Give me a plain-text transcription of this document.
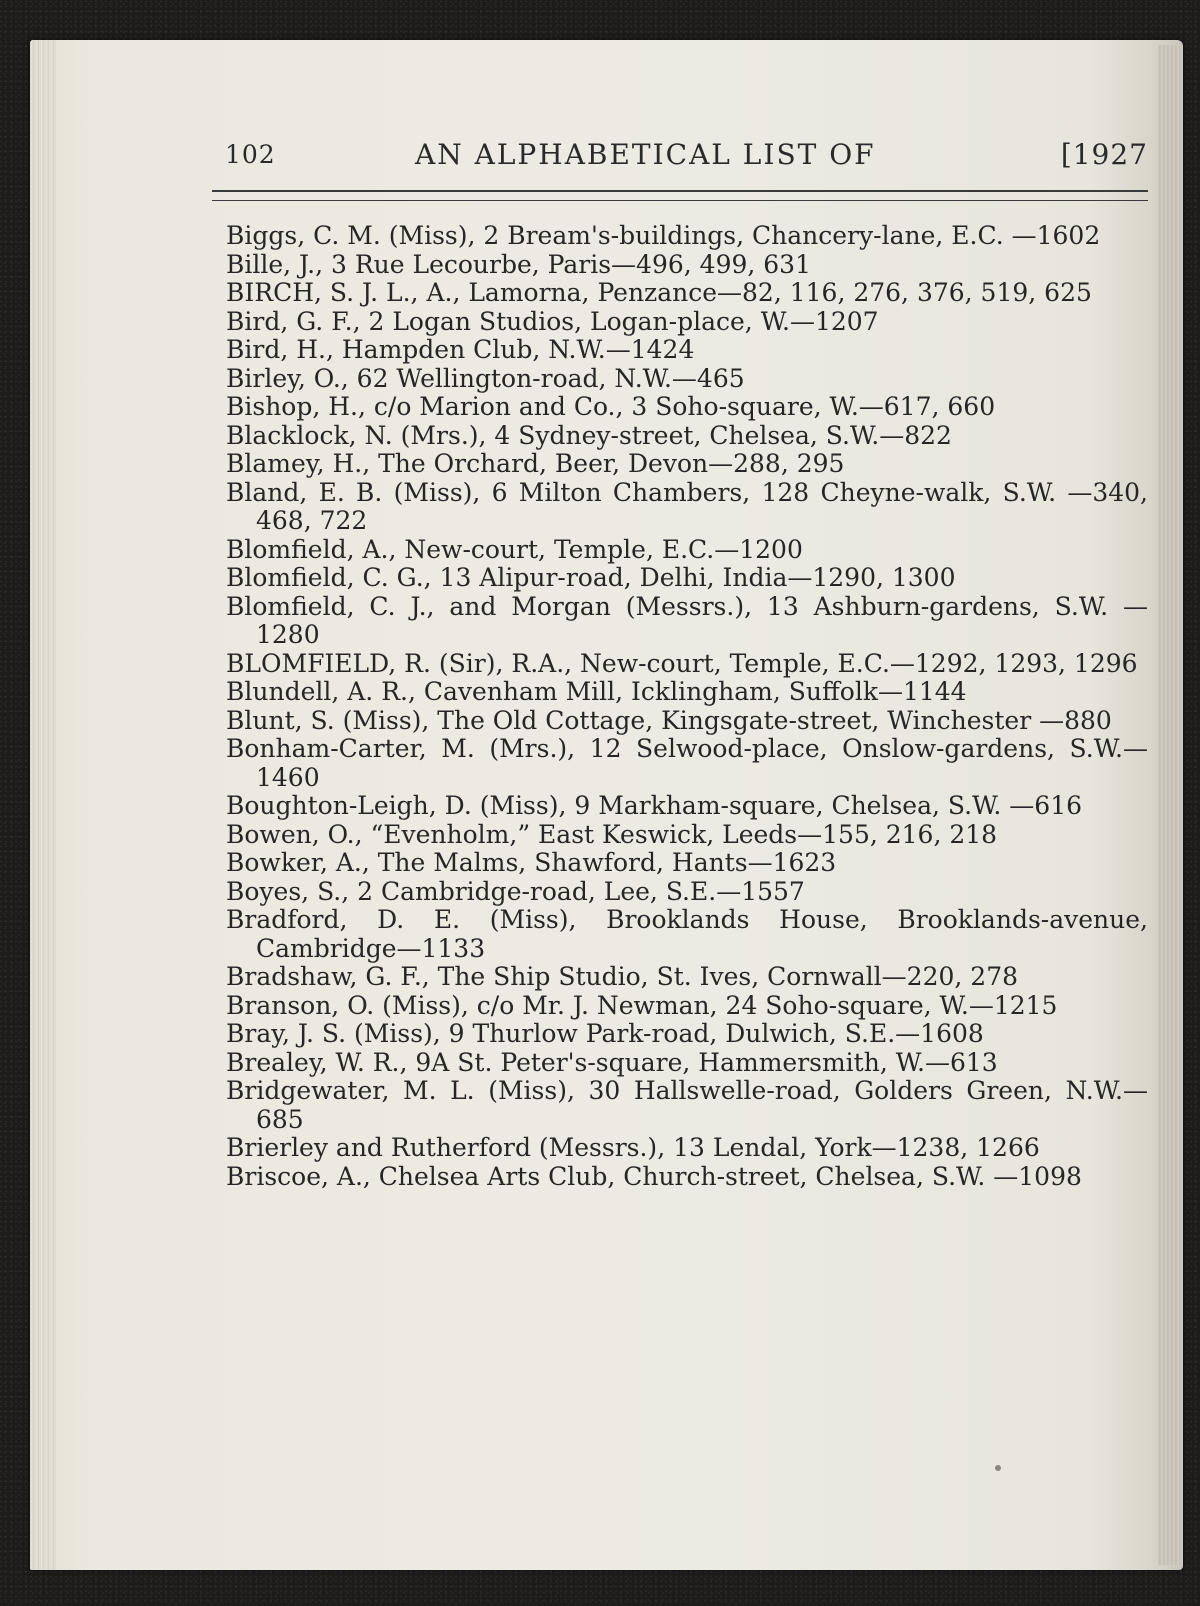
102	AN ALPHABETICAL LIST OF	[1927

Biggs, C. M. (Miss), 2 Bream's-buildings, Chancery-lane, E.C. —1602

Bille, J., 3 Rue Lecourbe, Paris—496, 499, 631

BIRCH, S. J. L., A., Lamorna, Penzance—82, 116, 276, 376, 519, 625

Bird, G. F., 2 Logan Studios, Logan-place, W.—1207

Bird, H., Hampden Club, N.W.—1424

Birley, O., 62 Wellington-road, N.W.—465

Bishop, H., c/o Marion and Co., 3 Soho-square, W.—617, 660

Blacklock, N. (Mrs.), 4 Sydney-street, Chelsea, S.W.—822

Blamey, H., The Orchard, Beer, Devon—288, 295

Bland, E. B. (Miss), 6 Milton Chambers, 128 Cheyne-walk, S.W. —340, 468, 722

Blomfield, A., New-court, Temple, E.C.—1200

Blomfield, C. G., 13 Alipur-road, Delhi, India—1290, 1300

Blomfield, C. J., and Morgan (Messrs.), 13 Ashburn-gardens, S.W. —1280

BLOMFIELD, R. (Sir), R.A., New-court, Temple, E.C.—1292, 1293, 1296

Blundell, A. R., Cavenham Mill, Icklingham, Suffolk—1144

Blunt, S. (Miss), The Old Cottage, Kingsgate-street, Winchester —880

Bonham-Carter, M. (Mrs.), 12 Selwood-place, Onslow-gardens, S.W.—1460

Boughton-Leigh, D. (Miss), 9 Markham-square, Chelsea, S.W. —616

Bowen, O., “Evenholm,” East Keswick, Leeds—155, 216, 218

Bowker, A., The Malms, Shawford, Hants—1623

Boyes, S., 2 Cambridge-road, Lee, S.E.—1557

Bradford, D. E. (Miss), Brooklands House, Brooklands-avenue, Cambridge—1133

Bradshaw, G. F., The Ship Studio, St. Ives, Cornwall—220, 278

Branson, O. (Miss), c/o Mr. J. Newman, 24 Soho-square, W.—1215

Bray, J. S. (Miss), 9 Thurlow Park-road, Dulwich, S.E.—1608

Brealey, W. R., 9A St. Peter's-square, Hammersmith, W.—613

Bridgewater, M. L. (Miss), 30 Hallswelle-road, Golders Green, N.W.—685

Brierley and Rutherford (Messrs.), 13 Lendal, York—1238, 1266

Briscoe, A., Chelsea Arts Club, Church-street, Chelsea, S.W. —1098
